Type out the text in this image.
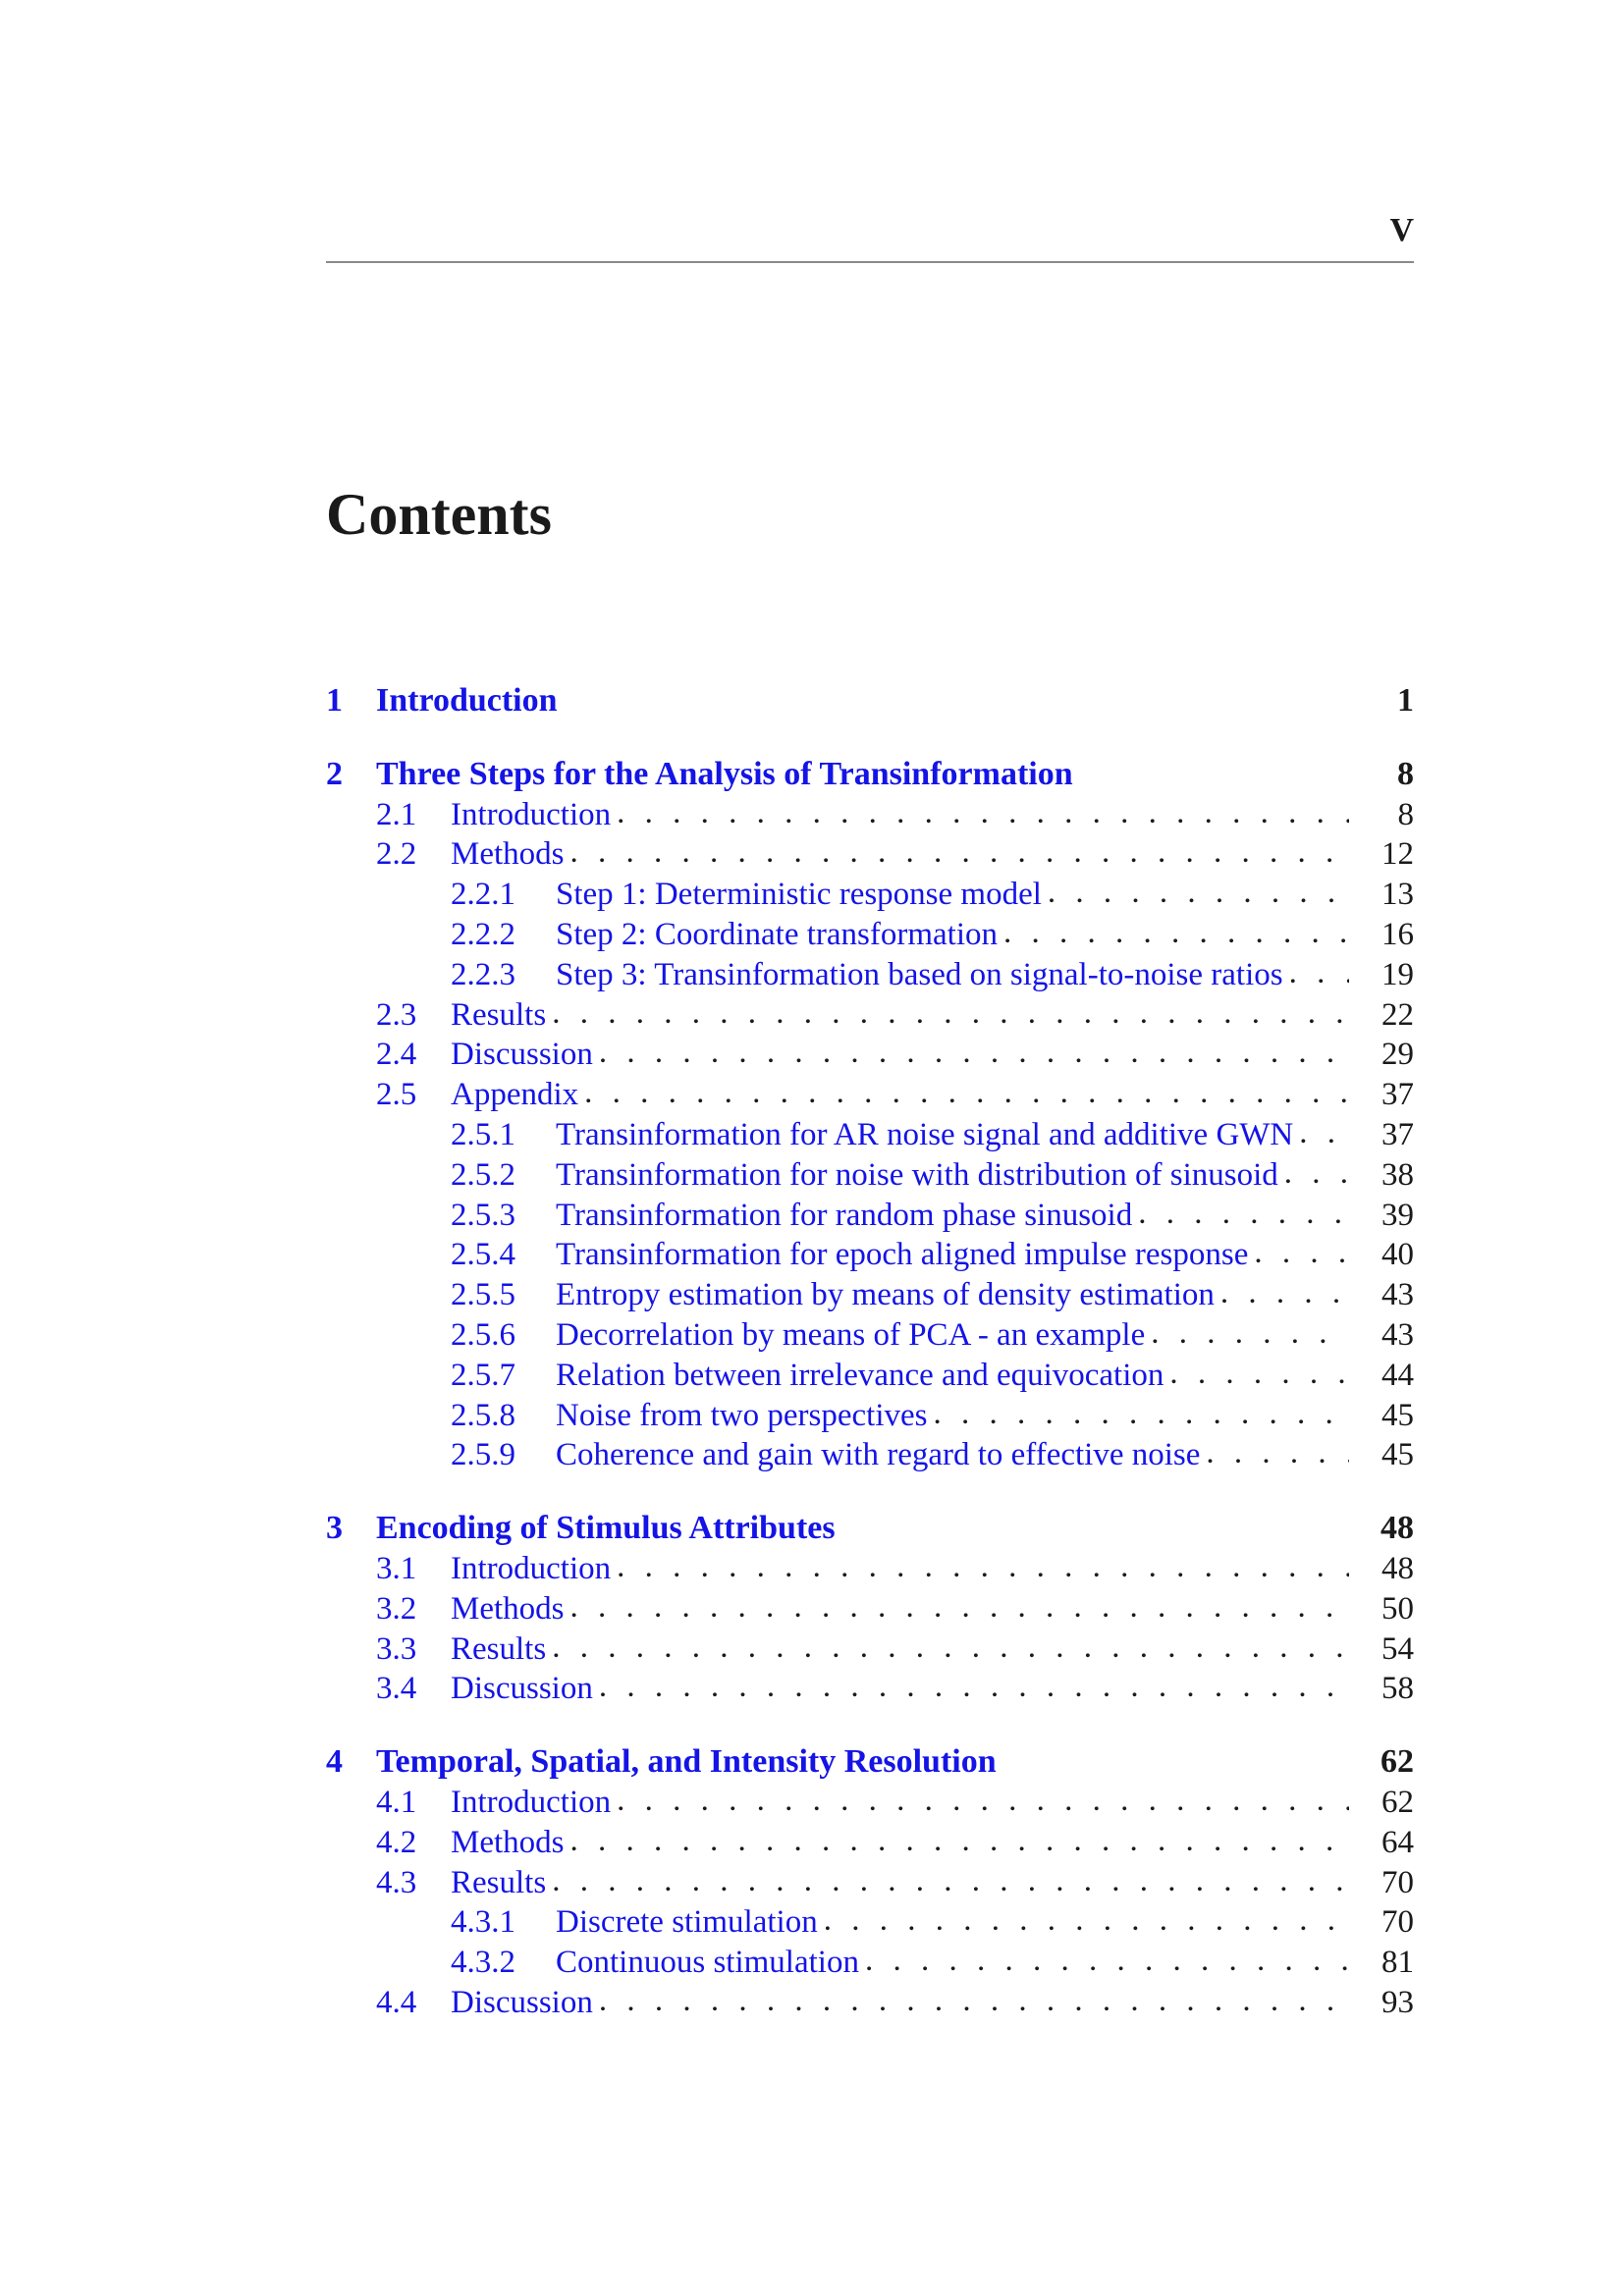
V
Contents
1	Introduction	1
2	Three Steps for the Analysis of Transinformation	8
2.1	Introduction . . .	8
2.2	Methods . . .	12
2.2.1	Step 1: Deterministic response model . . .	13
2.2.2	Step 2: Coordinate transformation . . .	16
2.2.3	Step 3: Transinformation based on signal-to-noise ratios . . .	19
2.3	Results . . .	22
2.4	Discussion . . .	29
2.5	Appendix . . .	37
2.5.1	Transinformation for AR noise signal and additive GWN . . .	37
2.5.2	Transinformation for noise with distribution of sinusoid . . .	38
2.5.3	Transinformation for random phase sinusoid . . .	39
2.5.4	Transinformation for epoch aligned impulse response . . .	40
2.5.5	Entropy estimation by means of density estimation . . .	43
2.5.6	Decorrelation by means of PCA - an example . . .	43
2.5.7	Relation between irrelevance and equivocation . . .	44
2.5.8	Noise from two perspectives . . .	45
2.5.9	Coherence and gain with regard to effective noise . . .	45
3	Encoding of Stimulus Attributes	48
3.1	Introduction . . .	48
3.2	Methods . . .	50
3.3	Results . . .	54
3.4	Discussion . . .	58
4	Temporal, Spatial, and Intensity Resolution	62
4.1	Introduction . . .	62
4.2	Methods . . .	64
4.3	Results . . .	70
4.3.1	Discrete stimulation . . .	70
4.3.2	Continuous stimulation . . .	81
4.4	Discussion . . .	93
